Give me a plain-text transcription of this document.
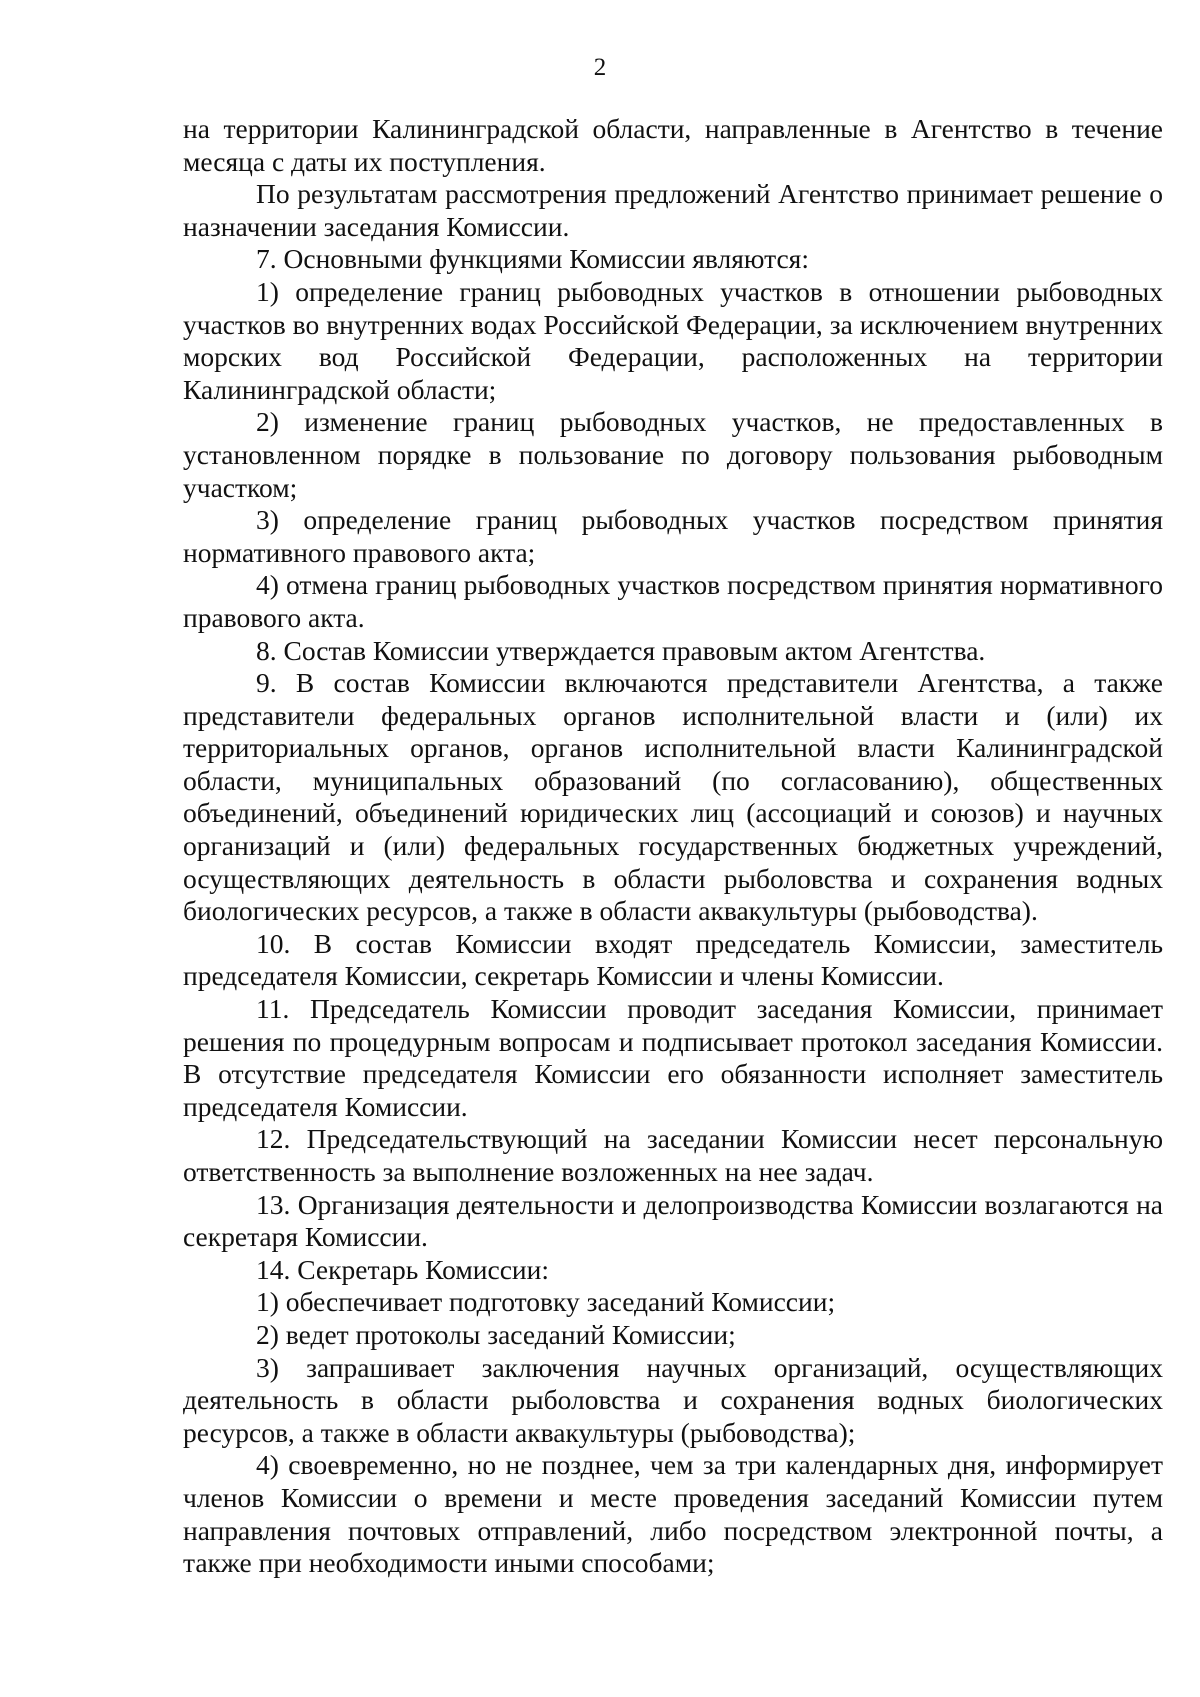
2

на территории Калининградской области, направленные в Агентство в течение месяца с даты их поступления.

По результатам рассмотрения предложений Агентство принимает решение о назначении заседания Комиссии.

7. Основными функциями Комиссии являются:

1) определение границ рыбоводных участков в отношении рыбоводных участков во внутренних водах Российской Федерации, за исключением внутренних морских вод Российской Федерации, расположенных на территории Калининградской области;

2) изменение границ рыбоводных участков, не предоставленных в установленном порядке в пользование по договору пользования рыбоводным участком;

3) определение границ рыбоводных участков посредством принятия нормативного правового акта;

4) отмена границ рыбоводных участков посредством принятия нормативного правового акта.

8. Состав Комиссии утверждается правовым актом Агентства.

9. В состав Комиссии включаются представители Агентства, а также представители федеральных органов исполнительной власти и (или) их территориальных органов, органов исполнительной власти Калининградской области, муниципальных образований (по согласованию), общественных объединений, объединений юридических лиц (ассоциаций и союзов) и научных организаций и (или) федеральных государственных бюджетных учреждений, осуществляющих деятельность в области рыболовства и сохранения водных биологических ресурсов, а также в области аквакультуры (рыбоводства).

10. В состав Комиссии входят председатель Комиссии, заместитель председателя Комиссии, секретарь Комиссии и члены Комиссии.

11. Председатель Комиссии проводит заседания Комиссии, принимает решения по процедурным вопросам и подписывает протокол заседания Комиссии. В отсутствие председателя Комиссии его обязанности исполняет заместитель председателя Комиссии.

12. Председательствующий на заседании Комиссии несет персональную ответственность за выполнение возложенных на нее задач.

13. Организация деятельности и делопроизводства Комиссии возлагаются на секретаря Комиссии.

14. Секретарь Комиссии:

1) обеспечивает подготовку заседаний Комиссии;

2) ведет протоколы заседаний Комиссии;

3) запрашивает заключения научных организаций, осуществляющих деятельность в области рыболовства и сохранения водных биологических ресурсов, а также в области аквакультуры (рыбоводства);

4) своевременно, но не позднее, чем за три календарных дня, информирует членов Комиссии о времени и месте проведения заседаний Комиссии путем направления почтовых отправлений, либо посредством электронной почты, а также при необходимости иными способами;
